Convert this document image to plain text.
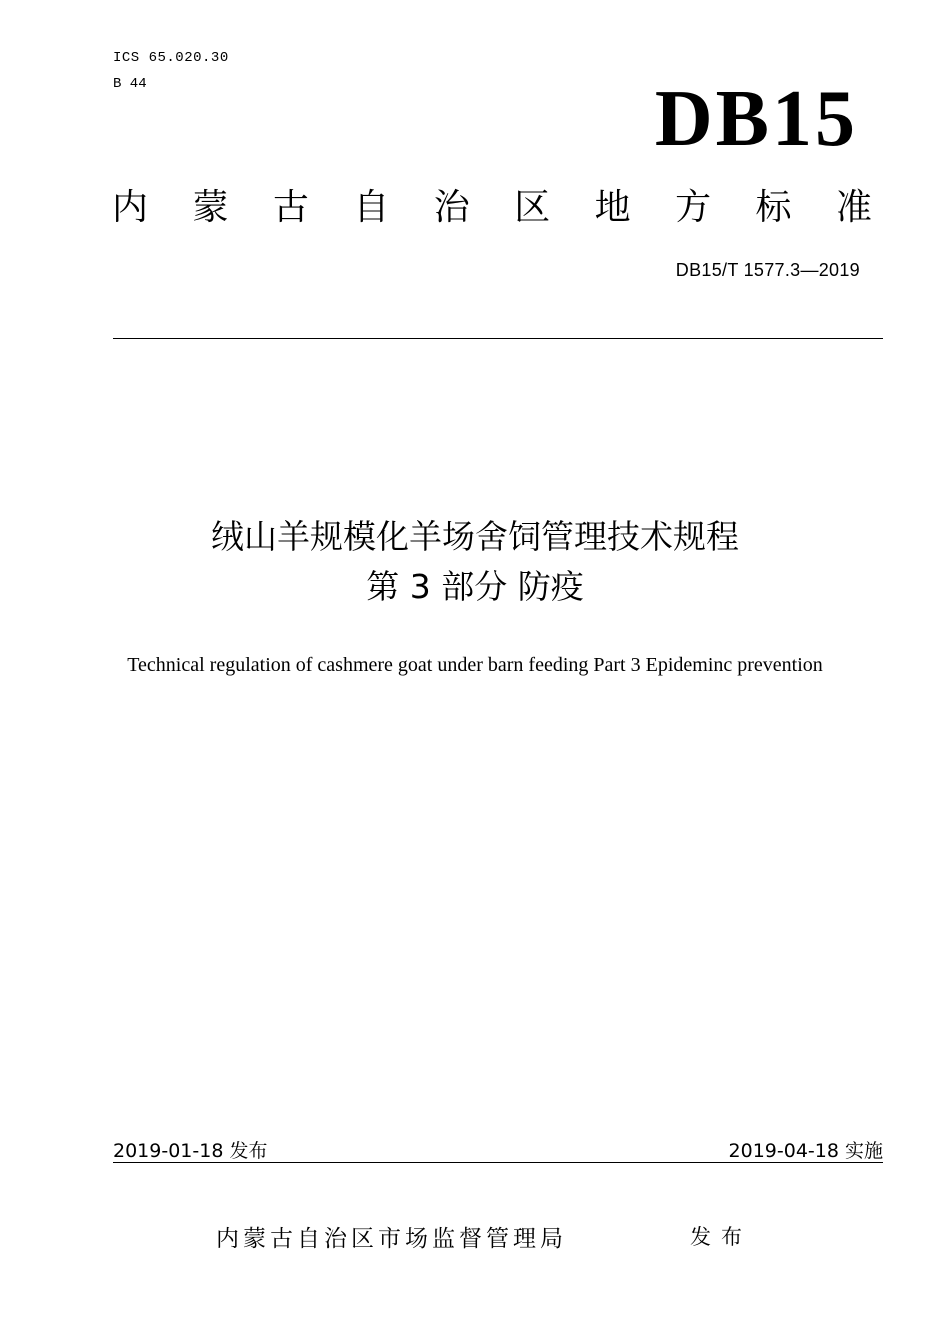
ICS 65.020.30
B 44	DB15
内 蒙 古 自 治 区 地 方 标 准
DB15/T 1577.3—2019
绒山羊规模化羊场舍饲管理技术规程
第 3 部分 防疫
Technical regulation of cashmere goat under barn feeding Part 3 Epideminc prevention
2019-01-18 发布	2019-04-18 实施
内蒙古自治区市场监督管理局	发布
